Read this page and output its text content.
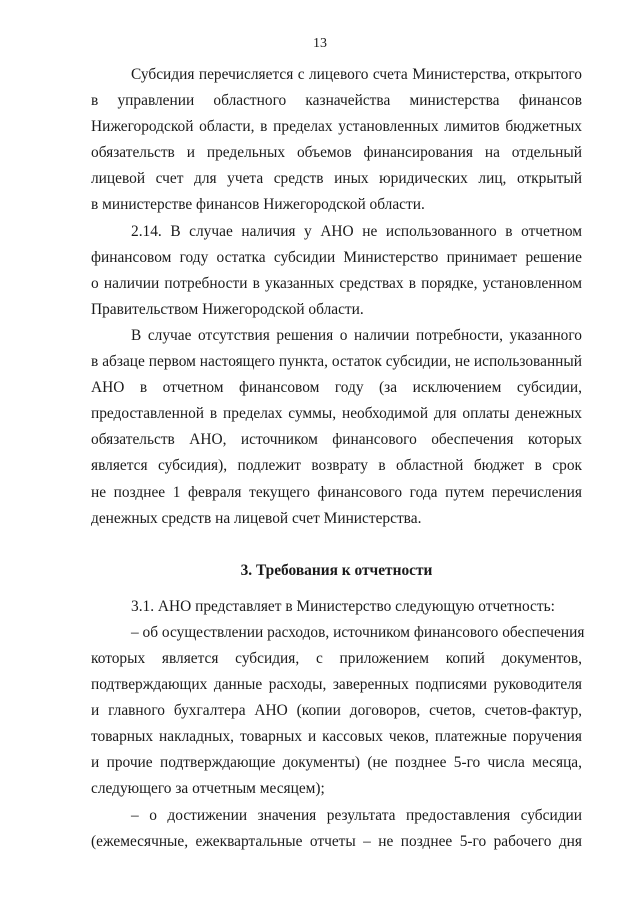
13
Субсидия перечисляется с лицевого счета Министерства, открытого
в управлении областного казначейства министерства финансов
Нижегородской области, в пределах установленных лимитов бюджетных
обязательств и предельных объемов финансирования на отдельный
лицевой счет для учета средств иных юридических лиц, открытый
в министерстве финансов Нижегородской области.
2.14. В случае наличия у АНО не использованного в отчетном
финансовом году остатка субсидии Министерство принимает решение
о наличии потребности в указанных средствах в порядке, установленном
Правительством Нижегородской области.
В случае отсутствия решения о наличии потребности, указанного
в абзаце первом настоящего пункта, остаток субсидии, не использованный
АНО в отчетном финансовом году (за исключением субсидии,
предоставленной в пределах суммы, необходимой для оплаты денежных
обязательств АНО, источником финансового обеспечения которых
является субсидия), подлежит возврату в областной бюджет в срок
не позднее 1 февраля текущего финансового года путем перечисления
денежных средств на лицевой счет Министерства.
3. Требования к отчетности
3.1. АНО представляет в Министерство следующую отчетность:
– об осуществлении расходов, источником финансового обеспечения
которых является субсидия, с приложением копий документов,
подтверждающих данные расходы, заверенных подписями руководителя
и главного бухгалтера АНО (копии договоров, счетов, счетов-фактур,
товарных накладных, товарных и кассовых чеков, платежные поручения
и прочие подтверждающие документы) (не позднее 5-го числа месяца,
следующего за отчетным месяцем);
– о достижении значения результата предоставления субсидии
(ежемесячные, ежеквартальные отчеты – не позднее 5-го рабочего дня
